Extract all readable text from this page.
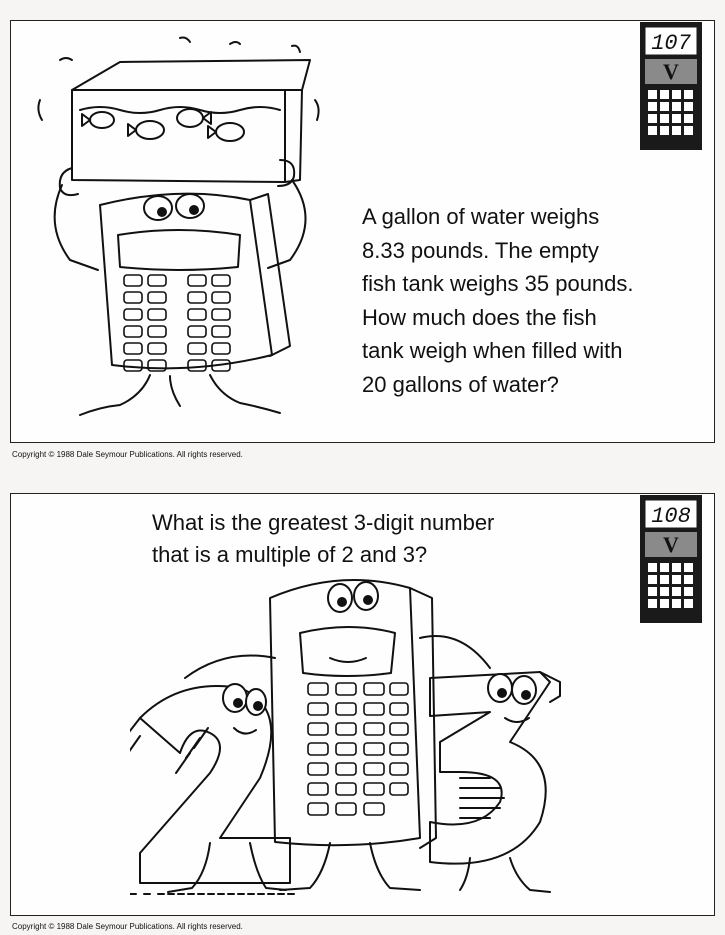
107
V

A gallon of water weighs
8.33 pounds. The empty
fish tank weighs 35 pounds.
How much does the fish
tank weigh when filled with
20 gallons of water?

Copyright © 1988 Dale Seymour Publications. All rights reserved.
108
V

What is the greatest 3-digit number
that is a multiple of 2 and 3?

Copyright © 1988 Dale Seymour Publications. All rights reserved.
